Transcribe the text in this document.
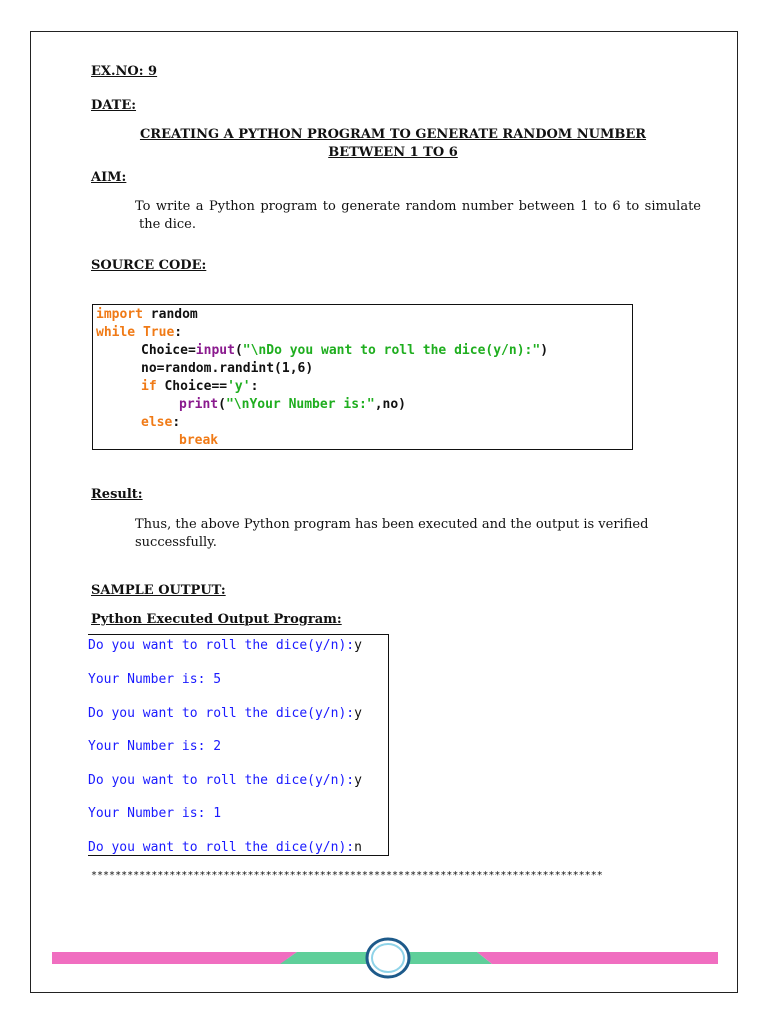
EX.NO: 9

DATE:

CREATING A PYTHON PROGRAM TO GENERATE RANDOM NUMBER
BETWEEN 1 TO 6

AIM:

To write a Python program to generate random number between 1 to 6 to simulate
the dice.

SOURCE CODE:

import random
while True:
Choice=input("\nDo you want to roll the dice(y/n):")
no=random.randint(1,6)
if Choice=='y':
print("\nYour Number is:",no)
else:
break

Result:

Thus, the above Python program has been executed and the output is verified
successfully.

SAMPLE OUTPUT:

Python Executed Output Program:

Do you want to roll the dice(y/n):y
Your Number is: 5
Do you want to roll the dice(y/n):y
Your Number is: 2
Do you want to roll the dice(y/n):y
Your Number is: 1
Do you want to roll the dice(y/n):n
*************************************************************************************
